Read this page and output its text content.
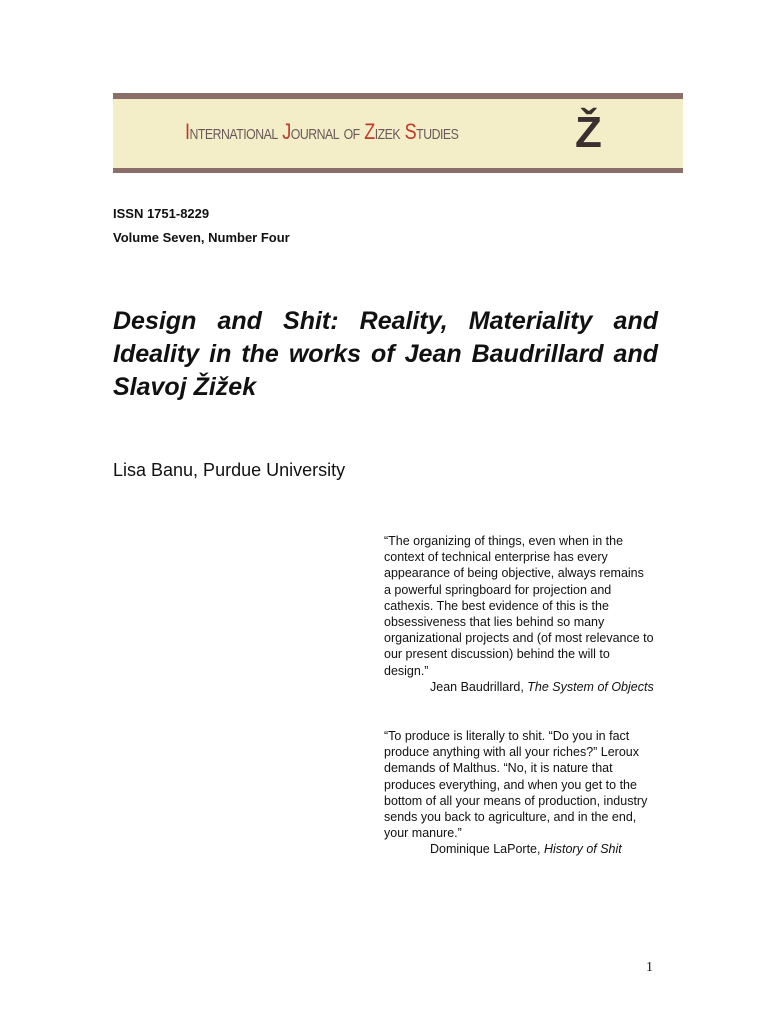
International Journal of Zizek Studies	Ž
ISSN 1751-8229
Volume Seven, Number Four
Design and Shit: Reality, Materiality and Ideality in the works of Jean Baudrillard and Slavoj Žižek
Lisa Banu, Purdue University

“The organizing of things, even when in the context of technical enterprise has every appearance of being objective, always remains a powerful springboard for projection and cathexis. The best evidence of this is the obsessiveness that lies behind so many organizational projects and (of most relevance to our present discussion) behind the will to design.”

Jean Baudrillard, The System of Objects

“To produce is literally to shit. “Do you in fact produce anything with all your riches?” Leroux demands of Malthus. “No, it is nature that produces everything, and when you get to the bottom of all your means of production, industry sends you back to agriculture, and in the end, your manure.”

Dominique LaPorte, History of Shit

1
